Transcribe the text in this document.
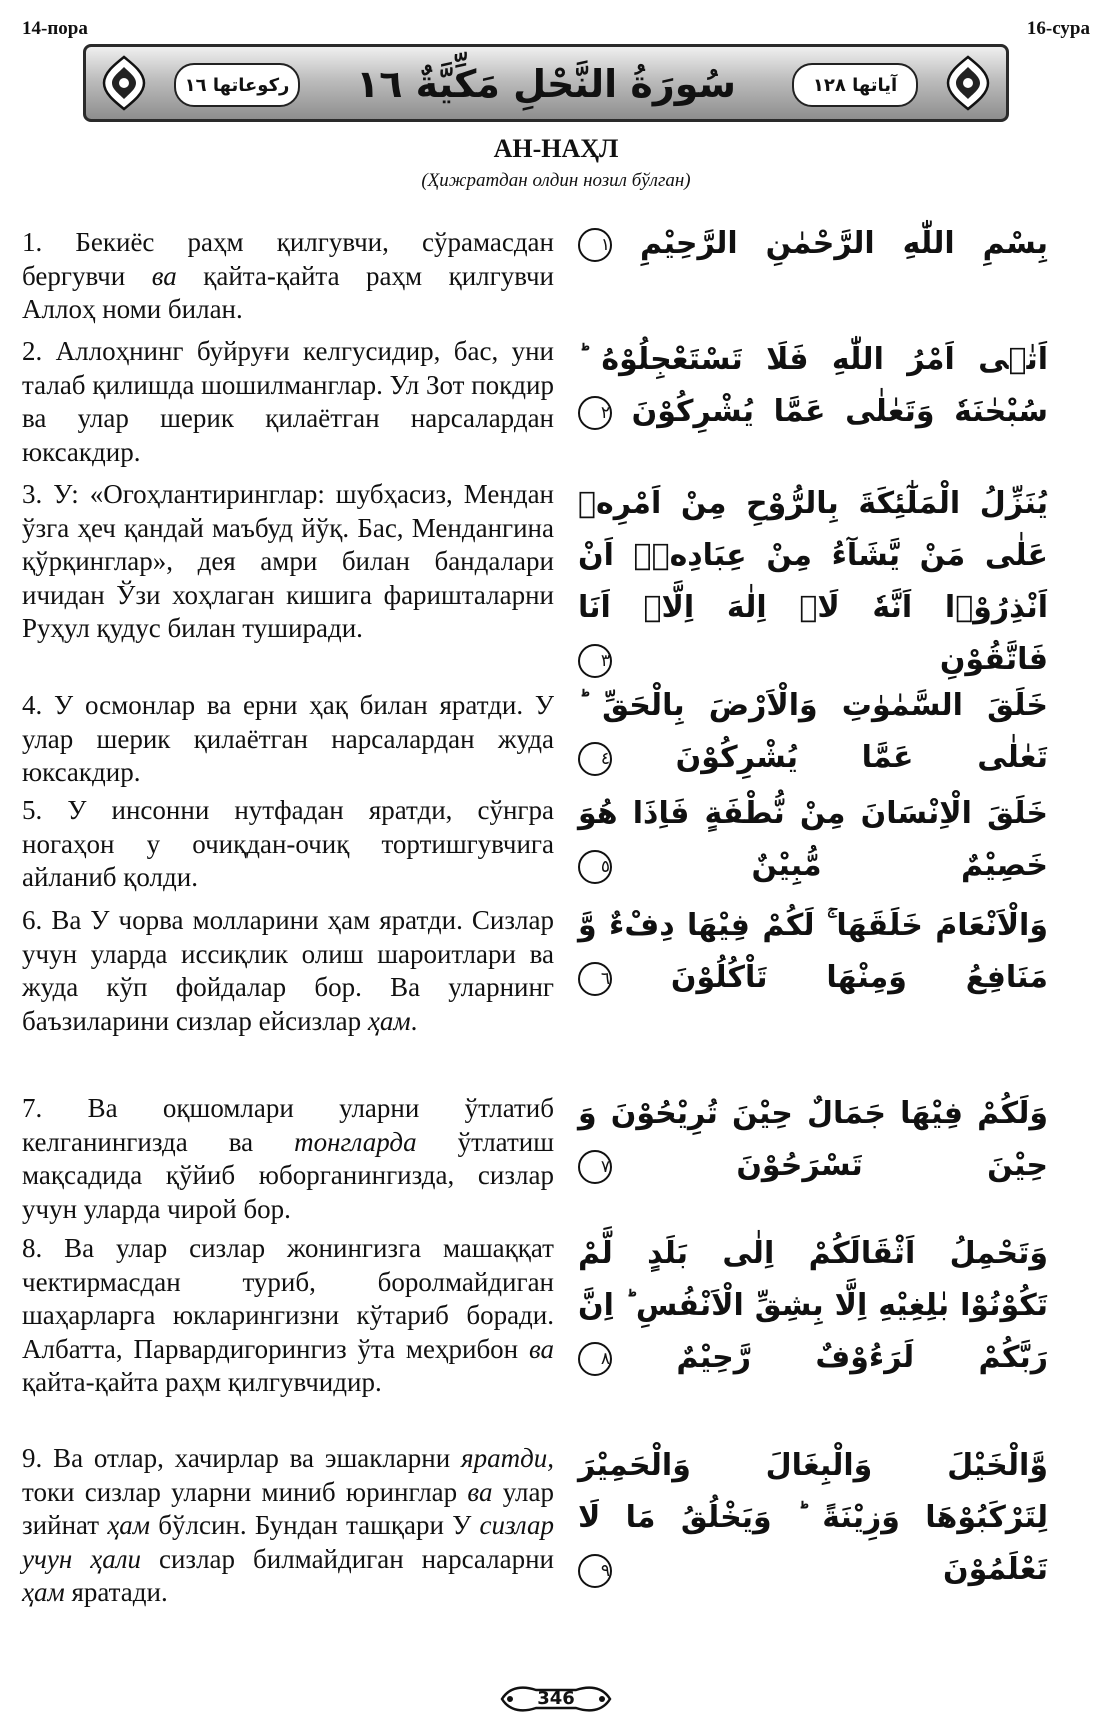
14-пора	16-сура
ركوعاتها ١٦	سُورَةُ النَّحْلِ مَكِّيَّةٌ ١٦	آياتها ١٢٨
АН-НАҲЛ
(Ҳижратдан олдин нозил бўлган)
1. Бекиёс раҳм қилгувчи, сўрамасдан бергувчи ва қайта-қайта раҳм қилгувчи Аллоҳ номи билан.
بِسْمِ اللّٰهِ الرَّحْمٰنِ الرَّحِيْمِ ١
2. Аллоҳнинг буйруғи келгусидир, бас, уни талаб қилишда шошилманглар. Ул Зот покдир ва улар шерик қилаётган нарсалардан юксакдир.
اَتٰۤى اَمْرُ اللّٰهِ فَلَا تَسْتَعْجِلُوْهُ ؕ سُبْحٰنَهٗ وَتَعٰلٰى عَمَّا يُشْرِكُوْنَ ٢
3. У: «Огоҳлантиринглар: шубҳасиз, Мендан ўзга ҳеч қандай маъбуд йўқ. Бас, Мендангина қўрқинглар», дея амри билан бандалари ичидан Ўзи хоҳлаган кишига фаришталарни Руҳул қудус билан туширади.
يُنَزِّلُ الْمَلٰٓئِكَةَ بِالرُّوْحِ مِنْ اَمْرِهٖ عَلٰى مَنْ يَّشَآءُ مِنْ عِبَادِهٖۤ اَنْ اَنْذِرُوْۤا اَنَّهٗ لَاۤ اِلٰهَ اِلَّاۤ اَنَا فَاتَّقُوْنِ ٣
4. У осмонлар ва ерни ҳақ билан яратди. У улар шерик қилаётган нарсалардан жуда юксакдир.
خَلَقَ السَّمٰوٰتِ وَالْاَرْضَ بِالْحَقِّ ؕ تَعٰلٰى عَمَّا يُشْرِكُوْنَ ٤
5. У инсонни нутфадан яратди, сўнгра ногаҳон у очиқдан-очиқ тортишгувчига айланиб қолди.
خَلَقَ الْاِنْسَانَ مِنْ نُّطْفَةٍ فَاِذَا هُوَ خَصِيْمٌ مُّبِيْنٌ ٥
6. Ва У чорва молларини ҳам яратди. Сизлар учун уларда иссиқлик олиш шароитлари ва жуда кўп фойдалар бор. Ва уларнинг баъзиларини сизлар ейсизлар ҳам.
وَالْاَنْعَامَ خَلَقَهَا ۚ لَكُمْ فِيْهَا دِفْءٌ وَّ مَنَافِعُ وَمِنْهَا تَاْكُلُوْنَ ٦
7. Ва оқшомлари уларни ўтлатиб келганингизда ва тонгларда ўтлатиш мақсадида қўйиб юборганингизда, сизлар учун уларда чирой бор.
وَلَكُمْ فِيْهَا جَمَالٌ حِيْنَ تُرِيْحُوْنَ وَ حِيْنَ تَسْرَحُوْنَ ٧
8. Ва улар сизлар жонингизга машаққат чектирмасдан туриб, боролмайдиган шаҳарларга юкларингизни кўтариб боради. Албатта, Парвардигорингиз ўта меҳрибон ва қайта-қайта раҳм қилгувчидир.
وَتَحْمِلُ اَثْقَالَكُمْ اِلٰى بَلَدٍ لَّمْ تَكُوْنُوْا بٰلِغِيْهِ اِلَّا بِشِقِّ الْاَنْفُسِ ؕ اِنَّ رَبَّكُمْ لَرَءُوْفٌ رَّحِيْمٌ ٨
9. Ва отлар, хачирлар ва эшакларни яратди, токи сизлар уларни миниб юринглар ва улар зийнат ҳам бўлсин. Бундан ташқари У сизлар учун ҳали сизлар билмайдиган нарсаларни ҳам яратади.
وَّالْخَيْلَ وَالْبِغَالَ وَالْحَمِيْرَ لِتَرْكَبُوْهَا وَزِيْنَةً ؕ وَيَخْلُقُ مَا لَا تَعْلَمُوْنَ ٩
346
